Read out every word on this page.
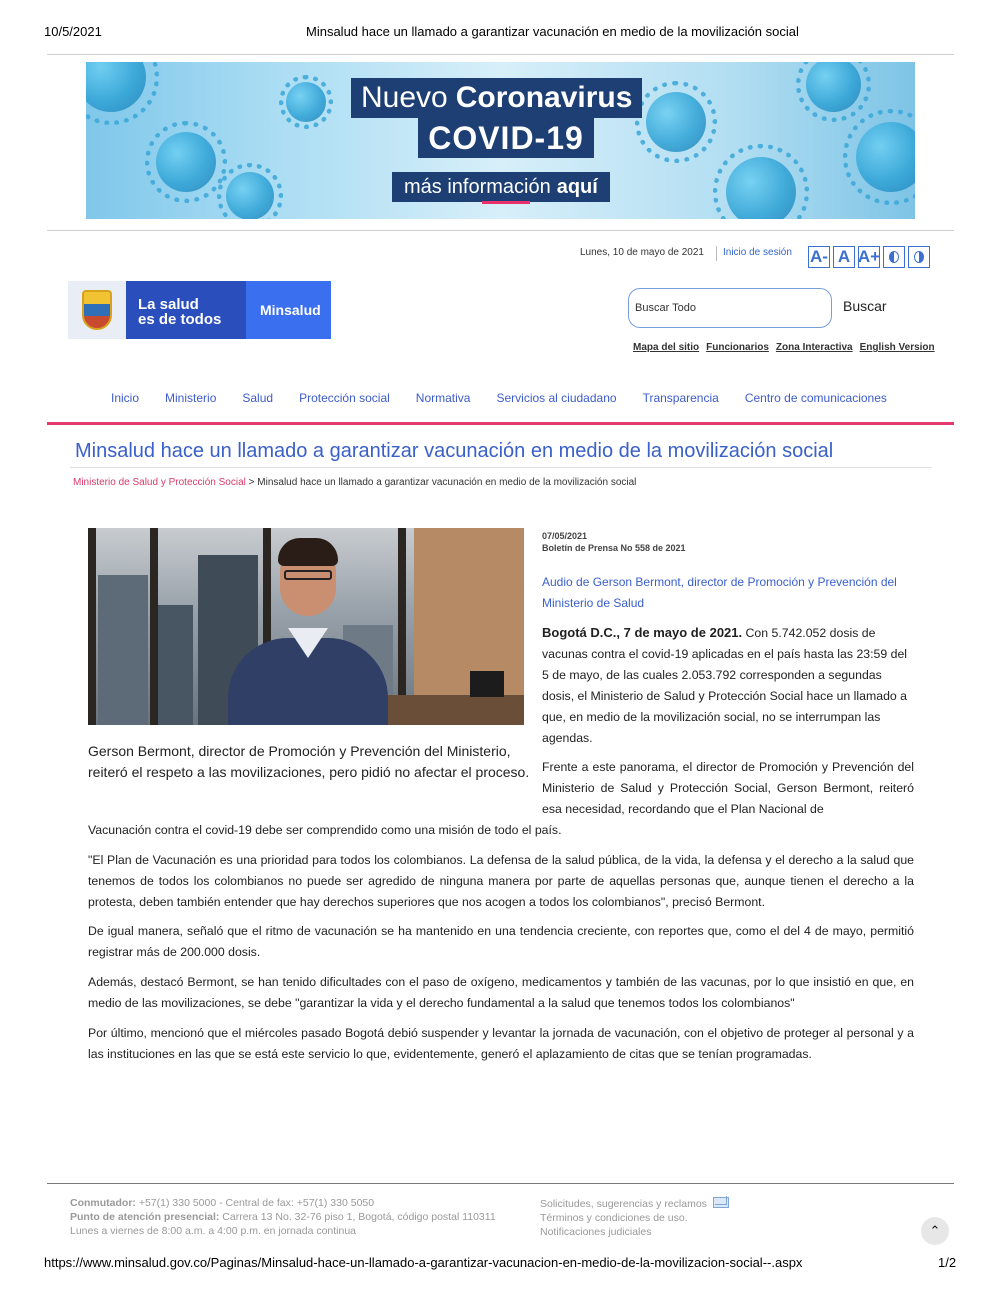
10/5/2021	Minsalud hace un llamado a garantizar vacunación en medio de la movilización social
Nuevo Coronavirus
COVID-19
más información aquí
Lunes, 10 de mayo de 2021 Inicio de sesión A- A A+
La salud
es de todos
Minsalud
Buscar Todo	Buscar
Mapa del sitio Funcionarios Zona Interactiva English Version
Inicio Ministerio Salud Protección social Normativa Servicios al ciudadano Transparencia Centro de comunicaciones
Minsalud hace un llamado a garantizar vacunación en medio de la movilización social
Ministerio de Salud y Protección Social > Minsalud hace un llamado a garantizar vacunación en medio de la movilización social

Gerson Bermont, director de Promoción y Prevención del Ministerio, reiteró el respeto a las movilizaciones, pero pidió no afectar el proceso.

07/05/2021
Boletín de Prensa No 558 de 2021
Audio de Gerson Bermont, director de Promoción y Prevención del Ministerio de Salud

Bogotá D.C., 7 de mayo de 2021. Con 5.742.052 dosis de vacunas contra el covid-19 aplicadas en el país hasta las 23:59 del 5 de mayo, de las cuales 2.053.792 corresponden a segundas dosis, el Ministerio de Salud y Protección Social hace un llamado a que, en medio de la movilización social, no se interrumpan las agendas.

Frente a este panorama, el director de Promoción y Prevención del Ministerio de Salud y Protección Social, Gerson Bermont, reiteró esa necesidad, recordando que el Plan Nacional de

Vacunación contra el covid-19 debe ser comprendido como una misión de todo el país.

"El Plan de Vacunación es una prioridad para todos los colombianos. La defensa de la salud pública, de la vida, la defensa y el derecho a la salud que tenemos de todos los colombianos no puede ser agredido de ninguna manera por parte de aquellas personas que, aunque tienen el derecho a la protesta, deben también entender que hay derechos superiores que nos acogen a todos los colombianos", precisó Bermont.

De igual manera, señaló que el ritmo de vacunación se ha mantenido en una tendencia creciente, con reportes que, como el del 4 de mayo, permitió registrar más de 200.000 dosis.

Además, destacó Bermont, se han tenido dificultades con el paso de oxígeno, medicamentos y también de las vacunas, por lo que insistió en que, en medio de las movilizaciones, se debe "garantizar la vida y el derecho fundamental a la salud que tenemos todos los colombianos"

Por último, mencionó que el miércoles pasado Bogotá debió suspender y levantar la jornada de vacunación, con el objetivo de proteger al personal y a las instituciones en las que se está este servicio lo que, evidentemente, generó el aplazamiento de citas que se tenían programadas.

Conmutador: +57(1) 330 5000 - Central de fax: +57(1) 330 5050
Punto de atención presencial: Carrera 13 No. 32-76 piso 1, Bogotá, código postal 110311
Lunes a viernes de 8:00 a.m. a 4:00 p.m. en jornada continua
Solicitudes, sugerencias y reclamos
Términos y condiciones de uso.
Notificaciones judiciales	⌃
https://www.minsalud.gov.co/Paginas/Minsalud-hace-un-llamado-a-garantizar-vacunacion-en-medio-de-la-movilizacion-social--.aspx	1/2
